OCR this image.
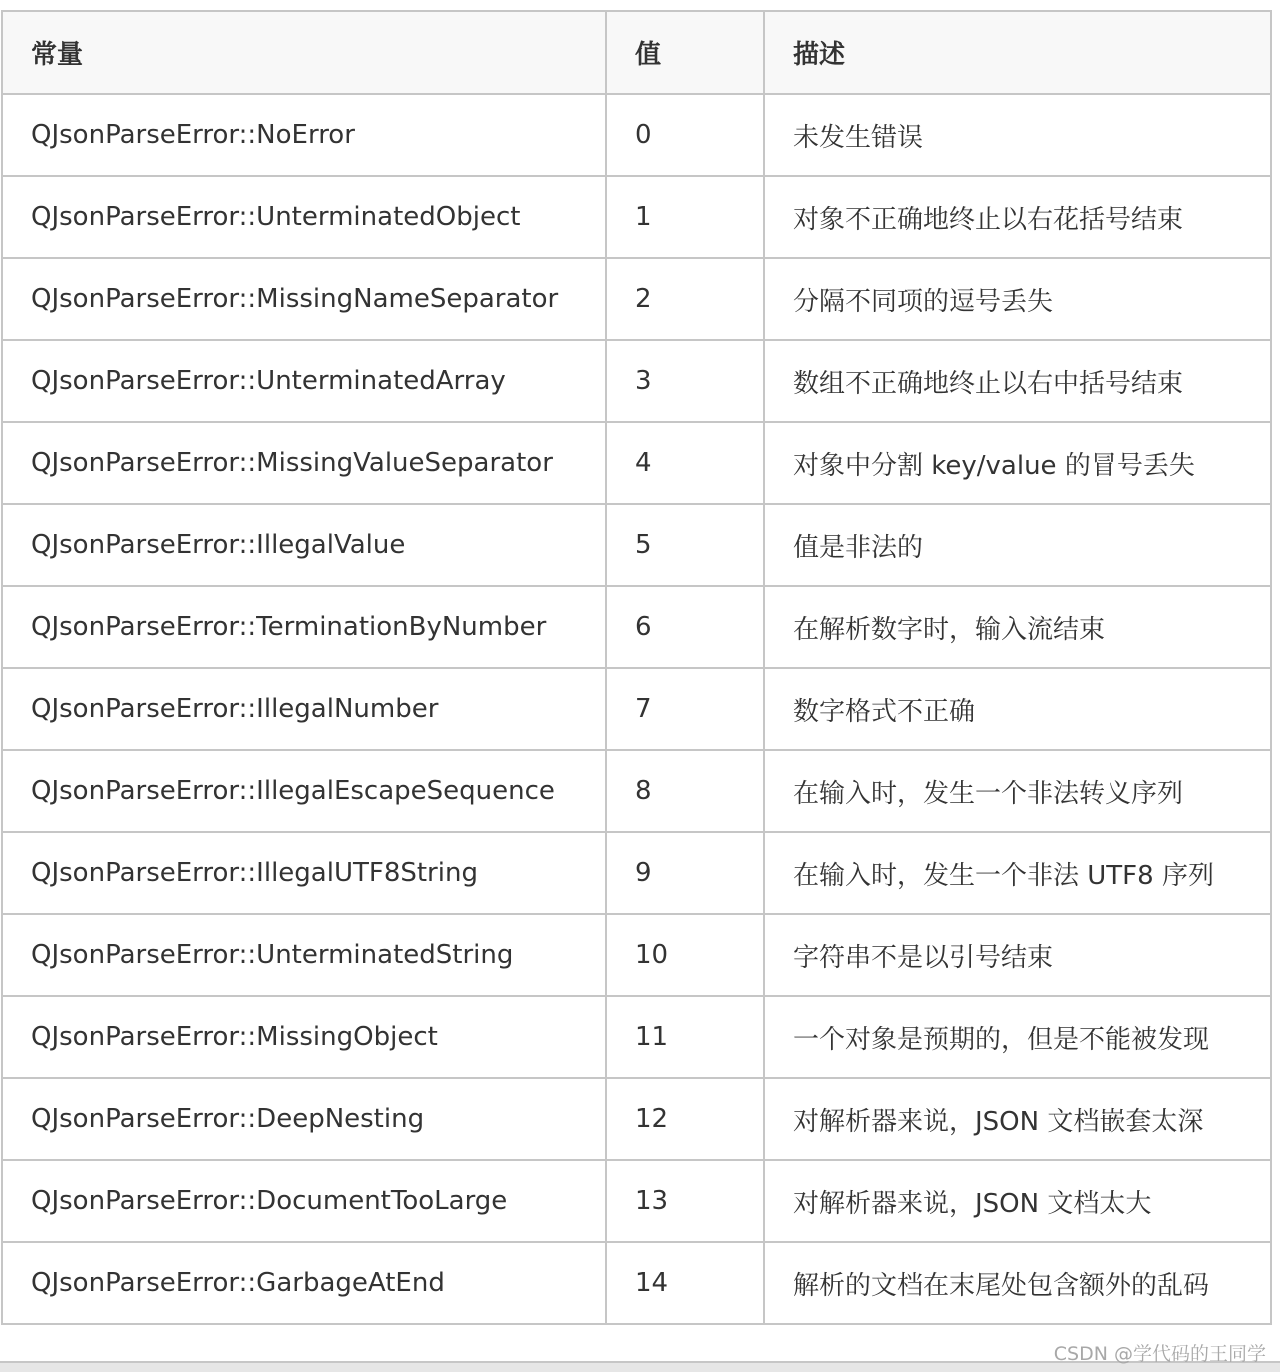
常量	值	描述
QJsonParseError::NoError	0	未发生错误
QJsonParseError::UnterminatedObject	1	对象不正确地终止以右花括号结束
QJsonParseError::MissingNameSeparator	2	分隔不同项的逗号丢失
QJsonParseError::UnterminatedArray	3	数组不正确地终止以右中括号结束
QJsonParseError::MissingValueSeparator	4	对象中分割 key/value 的冒号丢失
QJsonParseError::IllegalValue	5	值是非法的
QJsonParseError::TerminationByNumber	6	在解析数字时，输入流结束
QJsonParseError::IllegalNumber	7	数字格式不正确
QJsonParseError::IllegalEscapeSequence	8	在输入时，发生一个非法转义序列
QJsonParseError::IllegalUTF8String	9	在输入时，发生一个非法 UTF8 序列
QJsonParseError::UnterminatedString	10	字符串不是以引号结束
QJsonParseError::MissingObject	11	一个对象是预期的，但是不能被发现
QJsonParseError::DeepNesting	12	对解析器来说，JSON 文档嵌套太深
QJsonParseError::DocumentTooLarge	13	对解析器来说，JSON 文档太大
QJsonParseError::GarbageAtEnd	14	解析的文档在末尾处包含额外的乱码
CSDN @学代码的王同学
